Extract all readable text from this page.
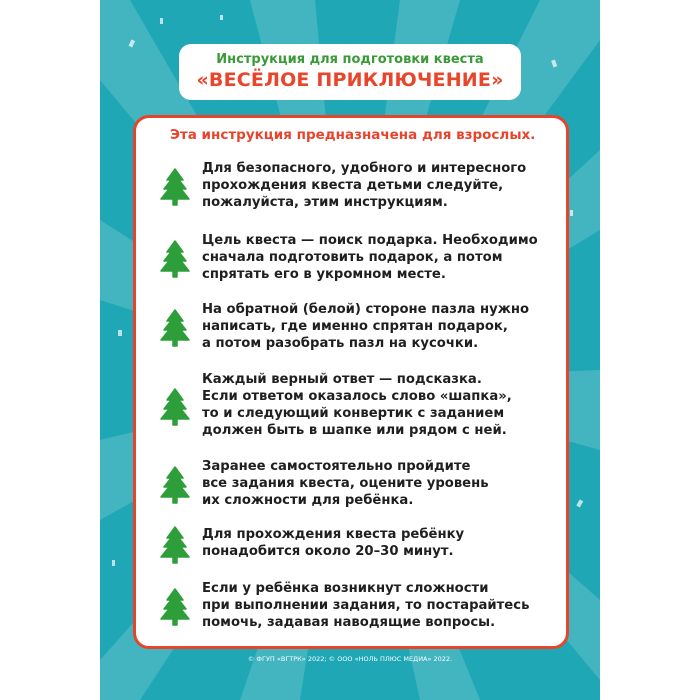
Инструкция для подготовки квеста
«ВЕСЁЛОЕ ПРИКЛЮЧЕНИЕ»
Эта инструкция предназначена для взрослых.
Для безопасного, удобного и интересного
прохождения квеста детьми следуйте,
пожалуйста, этим инструкциям.
Цель квеста — поиск подарка. Необходимо
сначала подготовить подарок, а потом
спрятать его в укромном месте.
На обратной (белой) стороне пазла нужно
написать, где именно спрятан подарок,
а потом разобрать пазл на кусочки.
Каждый верный ответ — подсказка.
Если ответом оказалось слово «шапка»,
то и следующий конвертик с заданием
должен быть в шапке или рядом с ней.
Заранее самостоятельно пройдите
все задания квеста, оцените уровень
их сложности для ребёнка.
Для прохождения квеста ребёнку
понадобится около 20–30 минут.
Если у ребёнка возникнут сложности
при выполнении задания, то постарайтесь
помочь, задавая наводящие вопросы.
© ФГУП «ВГТРК» 2022; © ООО «НОЛЬ ПЛЮС МЕДИА» 2022.
